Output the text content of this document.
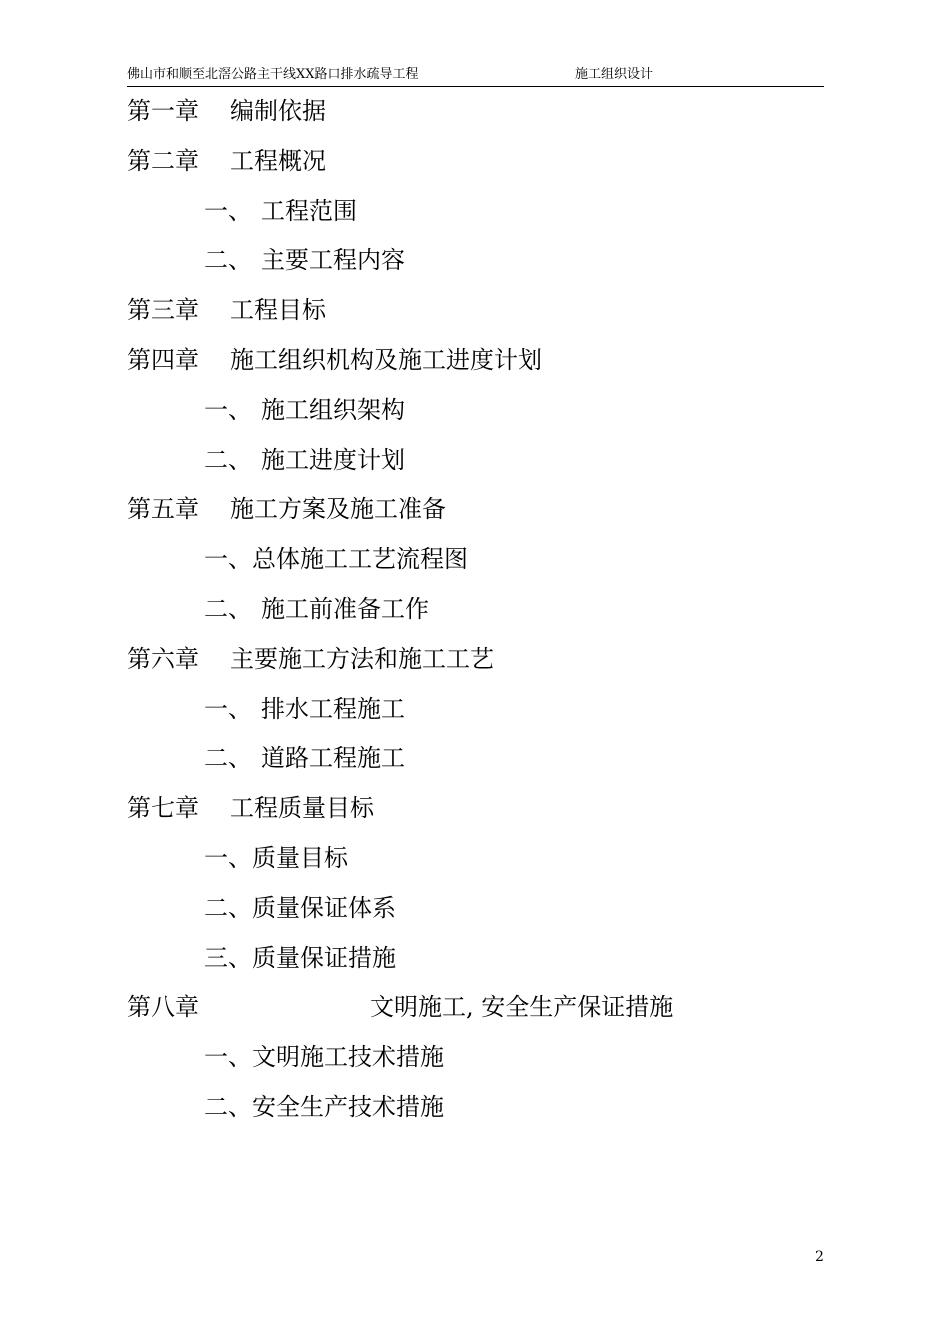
佛山市和顺至北滘公路主干线XX路口排水疏导工程	施工组织设计
第一章 编制依据
第二章 工程概况
一、 工程范围
二、 主要工程内容
第三章 工程目标
第四章 施工组织机构及施工进度计划
一、 施工组织架构
二、 施工进度计划
第五章 施工方案及施工准备
一、总体施工工艺流程图
二、 施工前准备工作
第六章 主要施工方法和施工工艺
一、 排水工程施工
二、 道路工程施工
第七章 工程质量目标
一、质量目标
二、质量保证体系
三、质量保证措施
第八章	文明施工, 安全生产保证措施
一、文明施工技术措施
二、安全生产技术措施
2
